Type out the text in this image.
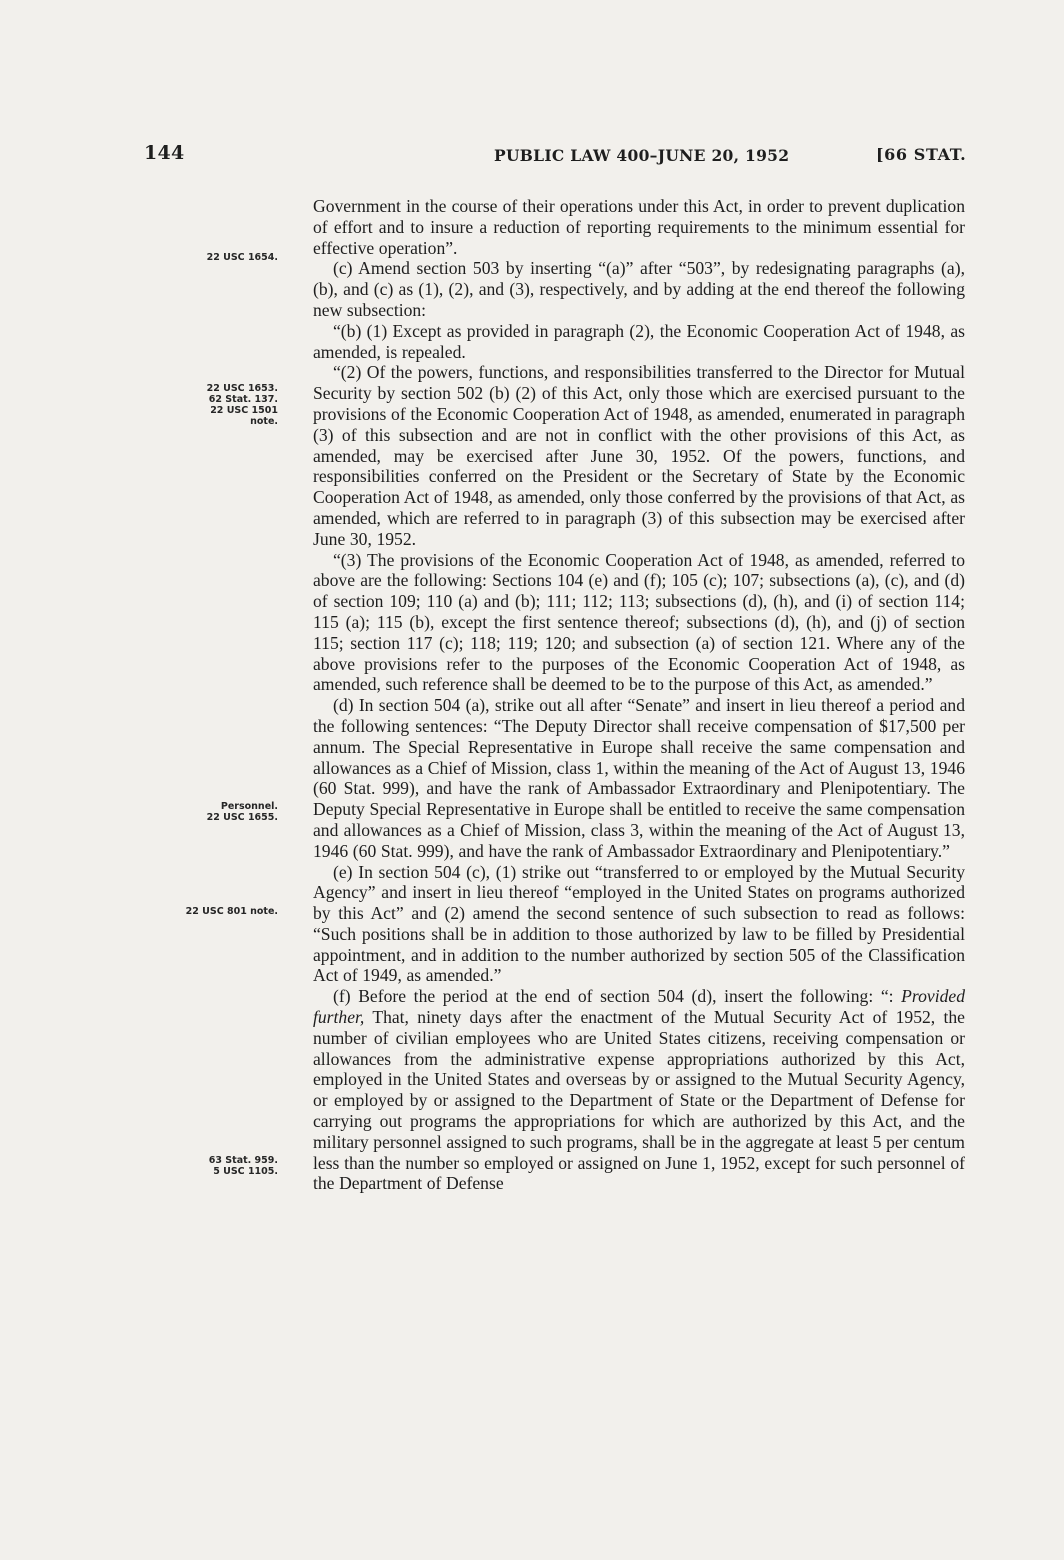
144	PUBLIC LAW 400–JUNE 20, 1952	[66 STAT.
22 USC 1654.
22 USC 1653.
62 Stat. 137.
22 USC 1501
note.
Personnel.
22 USC 1655.
22 USC 801 note.
63 Stat. 959.
5 USC 1105.

Government in the course of their operations under this Act, in order to prevent duplication of effort and to insure a reduction of reporting requirements to the minimum essential for effective operation”.

(c) Amend section 503 by inserting “(a)” after “503”, by redesignating paragraphs (a), (b), and (c) as (1), (2), and (3), respectively, and by adding at the end thereof the following new subsection:

“(b) (1) Except as provided in paragraph (2), the Economic Cooperation Act of 1948, as amended, is repealed.

“(2) Of the powers, functions, and responsibilities transferred to the Director for Mutual Security by section 502 (b) (2) of this Act, only those which are exercised pursuant to the provisions of the Economic Cooperation Act of 1948, as amended, enumerated in paragraph (3) of this subsection and are not in conflict with the other provisions of this Act, as amended, may be exercised after June 30, 1952. Of the powers, functions, and responsibilities conferred on the President or the Secretary of State by the Economic Cooperation Act of 1948, as amended, only those conferred by the provisions of that Act, as amended, which are referred to in paragraph (3) of this subsection may be exercised after June 30, 1952.

“(3) The provisions of the Economic Cooperation Act of 1948, as amended, referred to above are the following: Sections 104 (e) and (f); 105 (c); 107; subsections (a), (c), and (d) of section 109; 110 (a) and (b); 111; 112; 113; subsections (d), (h), and (i) of section 114; 115 (a); 115 (b), except the first sentence thereof; subsections (d), (h), and (j) of section 115; section 117 (c); 118; 119; 120; and subsection (a) of section 121. Where any of the above provisions refer to the purposes of the Economic Cooperation Act of 1948, as amended, such reference shall be deemed to be to the purpose of this Act, as amended.”

(d) In section 504 (a), strike out all after “Senate” and insert in lieu thereof a period and the following sentences: “The Deputy Director shall receive compensation of $17,500 per annum. The Special Representative in Europe shall receive the same compensation and allowances as a Chief of Mission, class 1, within the meaning of the Act of August 13, 1946 (60 Stat. 999), and have the rank of Ambassador Extraordinary and Plenipotentiary. The Deputy Special Representative in Europe shall be entitled to receive the same compensation and allowances as a Chief of Mission, class 3, within the meaning of the Act of August 13, 1946 (60 Stat. 999), and have the rank of Ambassador Extraordinary and Plenipotentiary.”

(e) In section 504 (c), (1) strike out “transferred to or employed by the Mutual Security Agency” and insert in lieu thereof “employed in the United States on programs authorized by this Act” and (2) amend the second sentence of such subsection to read as follows: “Such positions shall be in addition to those authorized by law to be filled by Presidential appointment, and in addition to the number authorized by section 505 of the Classification Act of 1949, as amended.”

(f) Before the period at the end of section 504 (d), insert the following: “: Provided further, That, ninety days after the enactment of the Mutual Security Act of 1952, the number of civilian employees who are United States citizens, receiving compensation or allowances from the administrative expense appropriations authorized by this Act, employed in the United States and overseas by or assigned to the Mutual Security Agency, or employed by or assigned to the Department of State or the Department of Defense for carrying out programs the appropriations for which are authorized by this Act, and the military personnel assigned to such programs, shall be in the aggregate at least 5 per centum less than the number so employed or assigned on June 1, 1952, except for such personnel of the Department of Defense
